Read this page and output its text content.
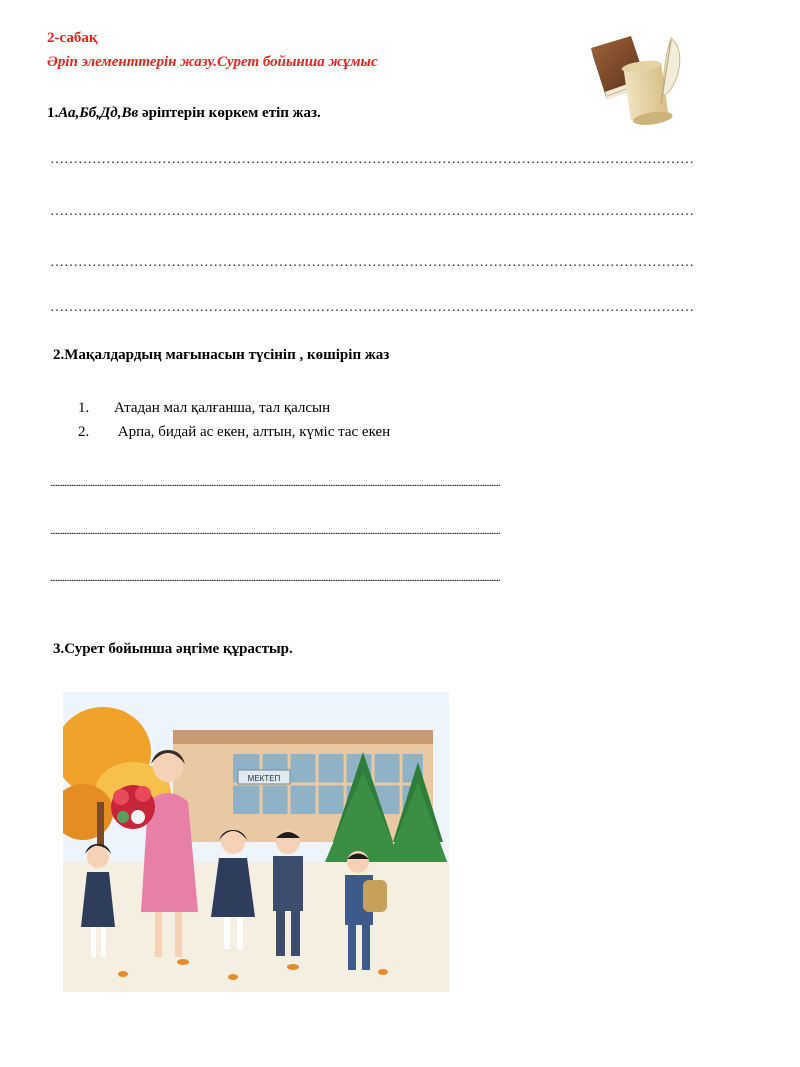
2-сабақ
Әріп элементтерін жазу.Сурет бойынша жұмыс
1.Аа,Бб,Дд,Вв әріптерін көркем етіп жаз.
…………………………………………………………………………………………………………………………
…………………………………………………………………………………………………………………………
…………………………………………………………………………………………………………………………
…………………………………………………………………………………………………………………………
2.Мақалдардың мағынасын түсініп , көшіріп жаз
1. Атадан мал қалғанша, тал қалсын
2. Арпа, бидай ас екен, алтын, күміс тас екен
.................................................................................................................................................................................................................................................................
.................................................................................................................................................................................................................................................................
.................................................................................................................................................................................................................................................................
3.Сурет бойынша әңгіме құрастыр.
МЕКТЕП
